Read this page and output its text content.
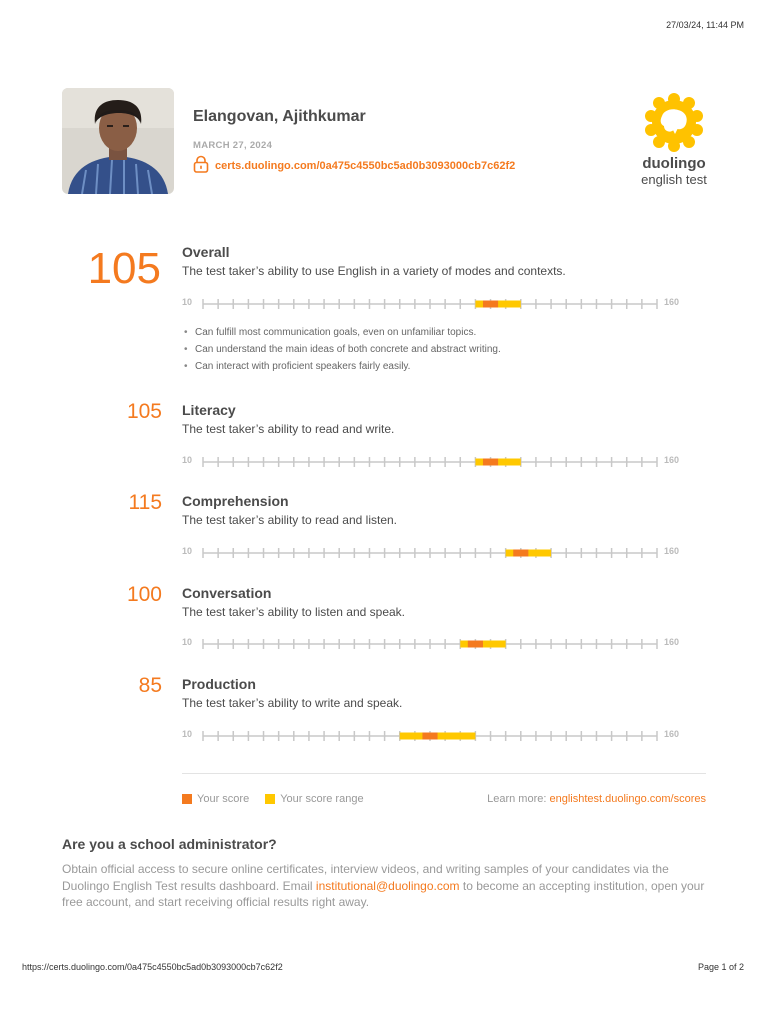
27/03/24, 11:44 PM
Elangovan, Ajithkumar
MARCH 27, 2024
certs.duolingo.com/0a475c4550bc5ad0b3093000cb7c62f2	duolingo
english test
105 Overall
The test taker’s ability to use English in a variety of modes and contexts.
10	160
• Can fulfill most communication goals, even on unfamiliar topics.
• Can understand the main ideas of both concrete and abstract writing.
• Can interact with proficient speakers fairly easily.
105 Literacy
The test taker’s ability to read and write.
10	160
115 Comprehension
The test taker’s ability to read and listen.
10	160
100 Conversation
The test taker’s ability to listen and speak.
10	160
85 Production
The test taker’s ability to write and speak.
10	160
Your score	Your score range	Learn more: englishtest.duolingo.com/scores
Are you a school administrator?
Obtain official access to secure online certificates, interview videos, and writing samples of your candidates via the Duolingo English Test results dashboard. Email institutional@duolingo.com to become an accepting institution, open your free account, and start receiving official results right away.
https://certs.duolingo.com/0a475c4550bc5ad0b3093000cb7c62f2	Page 1 of 2
